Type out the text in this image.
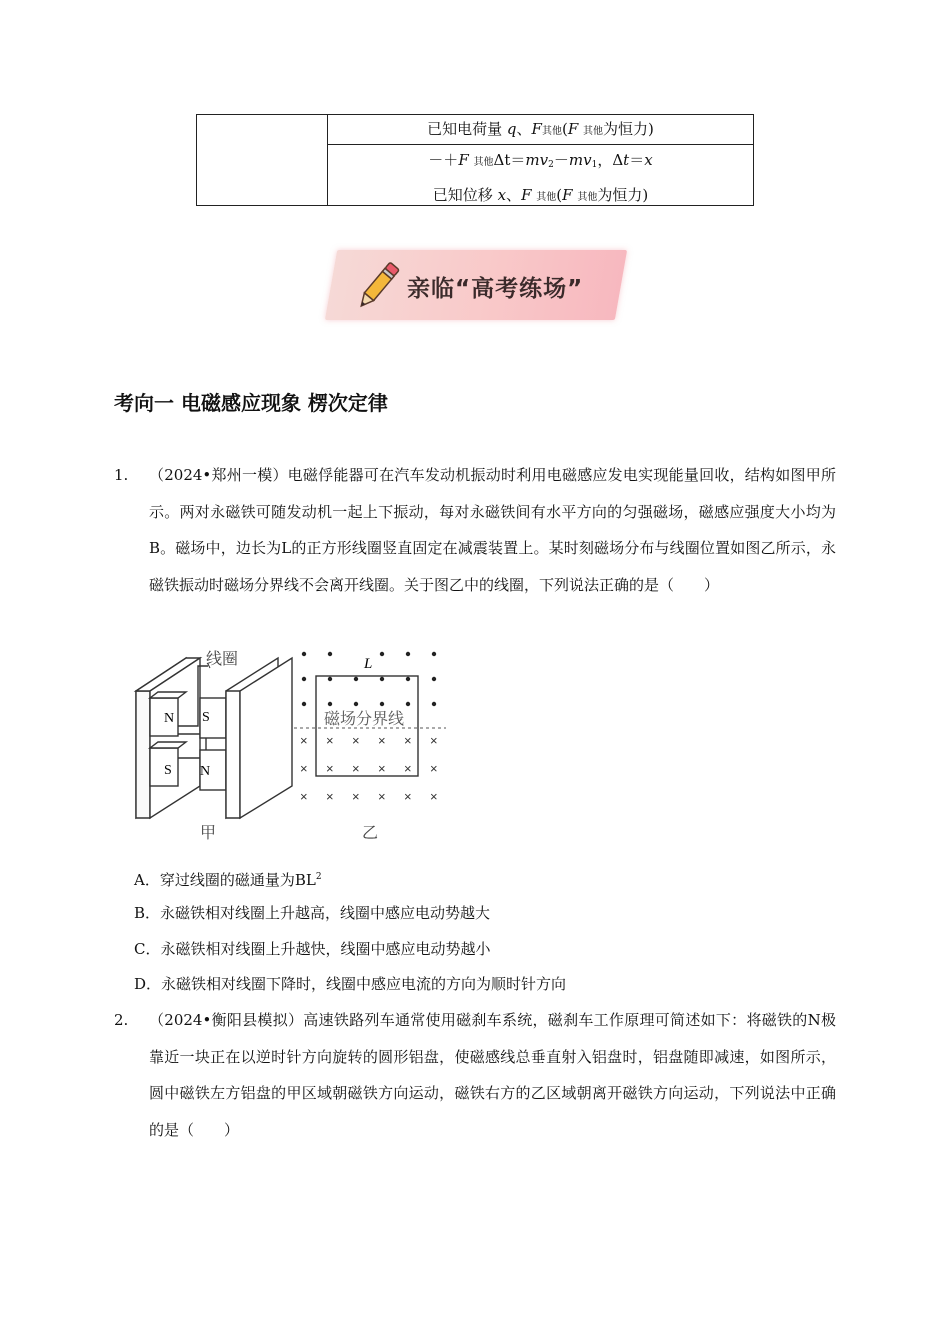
已知电荷量 q、F其他(F 其他为恒力)
－＋F 其他$\Delta t=mv_2-mv_1$，Δt＝x
已知位移 x、F 其他(F 其他为恒力)
亲临“高考练场”
考向一 电磁感应现象 楞次定律
1. （2024•郑州一模）电磁俘能器可在汽车发动机振动时利用电磁感应发电实现能量回收，结构如图甲所示。两对永磁铁可随发动机一起上下振动，每对永磁铁间有水平方向的匀强磁场，磁感应强度大小均为B。磁场中，边长为L的正方形线圈竖直固定在减震装置上。某时刻磁场分布与线圈位置如图乙所示，永磁铁振动时磁场分界线不会离开线圈。关于图乙中的线圈，下列说法正确的是（　　）
N
S
S
N
线圈
甲
× × × × × ×
× × × × × ×
× × × × × ×
L
磁场分界线
乙
A．穿过线圈的磁通量为$BL^2$
B．永磁铁相对线圈上升越高，线圈中感应电动势越大
C．永磁铁相对线圈上升越快，线圈中感应电动势越小
D．永磁铁相对线圈下降时，线圈中感应电流的方向为顺时针方向
2. （2024•衡阳县模拟）高速铁路列车通常使用磁刹车系统，磁刹车工作原理可简述如下：将磁铁的N极靠近一块正在以逆时针方向旋转的圆形铝盘，使磁感线总垂直射入铝盘时，铝盘随即减速，如图所示，圆中磁铁左方铝盘的甲区域朝磁铁方向运动，磁铁右方的乙区域朝离开磁铁方向运动，下列说法中正确的是（　　）
